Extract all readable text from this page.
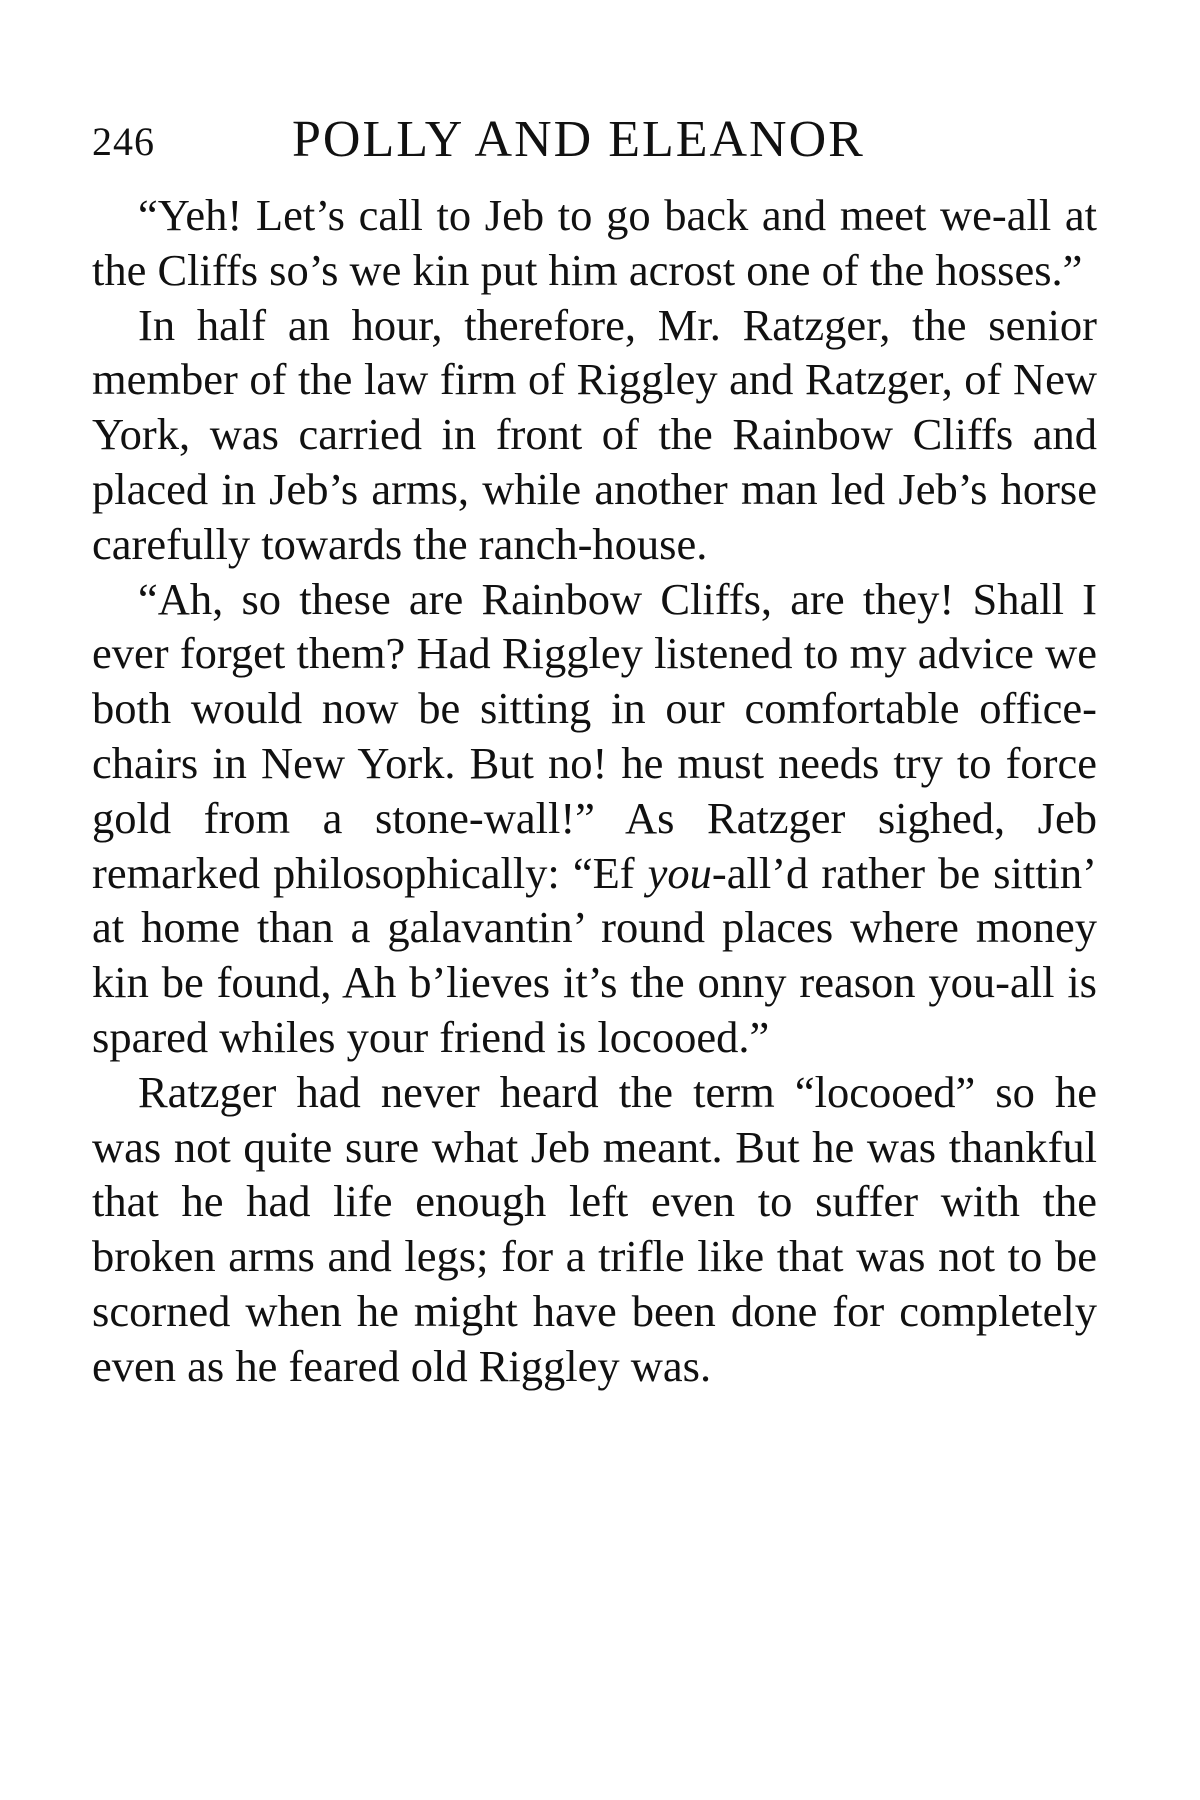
246	POLLY AND ELEANOR

“Yeh! Let’s call to Jeb to go back and meet we-all at the Cliffs so’s we kin put him acrost one of the hosses.”

In half an hour, therefore, Mr. Ratzger, the senior member of the law firm of Riggley and Ratzger, of New York, was carried in front of the Rainbow Cliffs and placed in Jeb’s arms, while another man led Jeb’s horse carefully towards the ranch-house.

“Ah, so these are Rainbow Cliffs, are they! Shall I ever forget them? Had Riggley listened to my advice we both would now be sitting in our comfortable office-chairs in New York. But no! he must needs try to force gold from a stone-wall!” As Ratzger sighed, Jeb remarked philosophically: “Ef you-all’d rather be sittin’ at home than a galavantin’ round places where money kin be found, Ah b’lieves it’s the onny reason you-all is spared whiles your friend is locooed.”

Ratzger had never heard the term “locooed” so he was not quite sure what Jeb meant. But he was thankful that he had life enough left even to suffer with the broken arms and legs; for a trifle like that was not to be scorned when he might have been done for completely even as he feared old Riggley was.
